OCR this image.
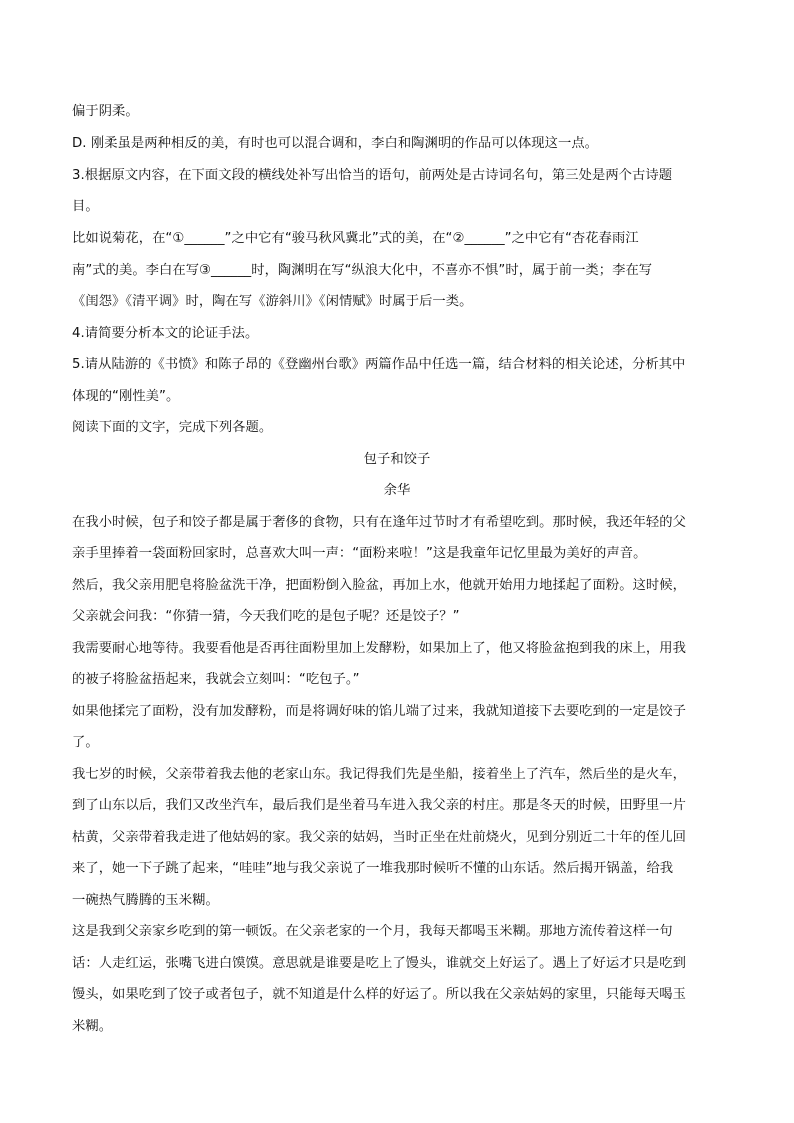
偏于阴柔。
D. 刚柔虽是两种相反的美，有时也可以混合调和，李白和陶渊明的作品可以体现这一点。
3.根据原文内容，在下面文段的横线处补写出恰当的语句，前两处是古诗词名句，第三处是两个古诗题
目。
比如说菊花，在“①______”之中它有“骏马秋风冀北”式的美，在“②______”之中它有“杏花春雨江
南”式的美。李白在写③______时，陶渊明在写“纵浪大化中，不喜亦不惧”时，属于前一类；李在写
《闺怨》《清平调》时，陶在写《游斜川》《闲情赋》时属于后一类。
4.请简要分析本文的论证手法。
5.请从陆游的《书愤》和陈子昂的《登幽州台歌》两篇作品中任选一篇，结合材料的相关论述，分析其中
体现的“刚性美”。
阅读下面的文字，完成下列各题。
包子和饺子
余华
在我小时候，包子和饺子都是属于奢侈的食物，只有在逢年过节时才有希望吃到。那时候，我还年轻的父
亲手里捧着一袋面粉回家时，总喜欢大叫一声：“面粉来啦！”这是我童年记忆里最为美好的声音。
然后，我父亲用肥皂将脸盆洗干净，把面粉倒入脸盆，再加上水，他就开始用力地揉起了面粉。这时候，
父亲就会问我：“你猜一猜，今天我们吃的是包子呢？还是饺子？”
我需要耐心地等待。我要看他是否再往面粉里加上发酵粉，如果加上了，他又将脸盆抱到我的床上，用我
的被子将脸盆捂起来，我就会立刻叫：“吃包子。”
如果他揉完了面粉，没有加发酵粉，而是将调好味的馅儿端了过来，我就知道接下去要吃到的一定是饺子
了。
我七岁的时候，父亲带着我去他的老家山东。我记得我们先是坐船，接着坐上了汽车，然后坐的是火车，
到了山东以后，我们又改坐汽车，最后我们是坐着马车进入我父亲的村庄。那是冬天的时候，田野里一片
枯黄，父亲带着我走进了他姑妈的家。我父亲的姑妈，当时正坐在灶前烧火，见到分别近二十年的侄儿回
来了，她一下子跳了起来，“哇哇”地与我父亲说了一堆我那时候听不懂的山东话。然后揭开锅盖，给我
一碗热气腾腾的玉米糊。
这是我到父亲家乡吃到的第一顿饭。在父亲老家的一个月，我每天都喝玉米糊。那地方流传着这样一句
话：人走红运，张嘴飞进白馍馍。意思就是谁要是吃上了馒头，谁就交上好运了。遇上了好运才只是吃到
馒头，如果吃到了饺子或者包子，就不知道是什么样的好运了。所以我在父亲姑妈的家里，只能每天喝玉
米糊。
